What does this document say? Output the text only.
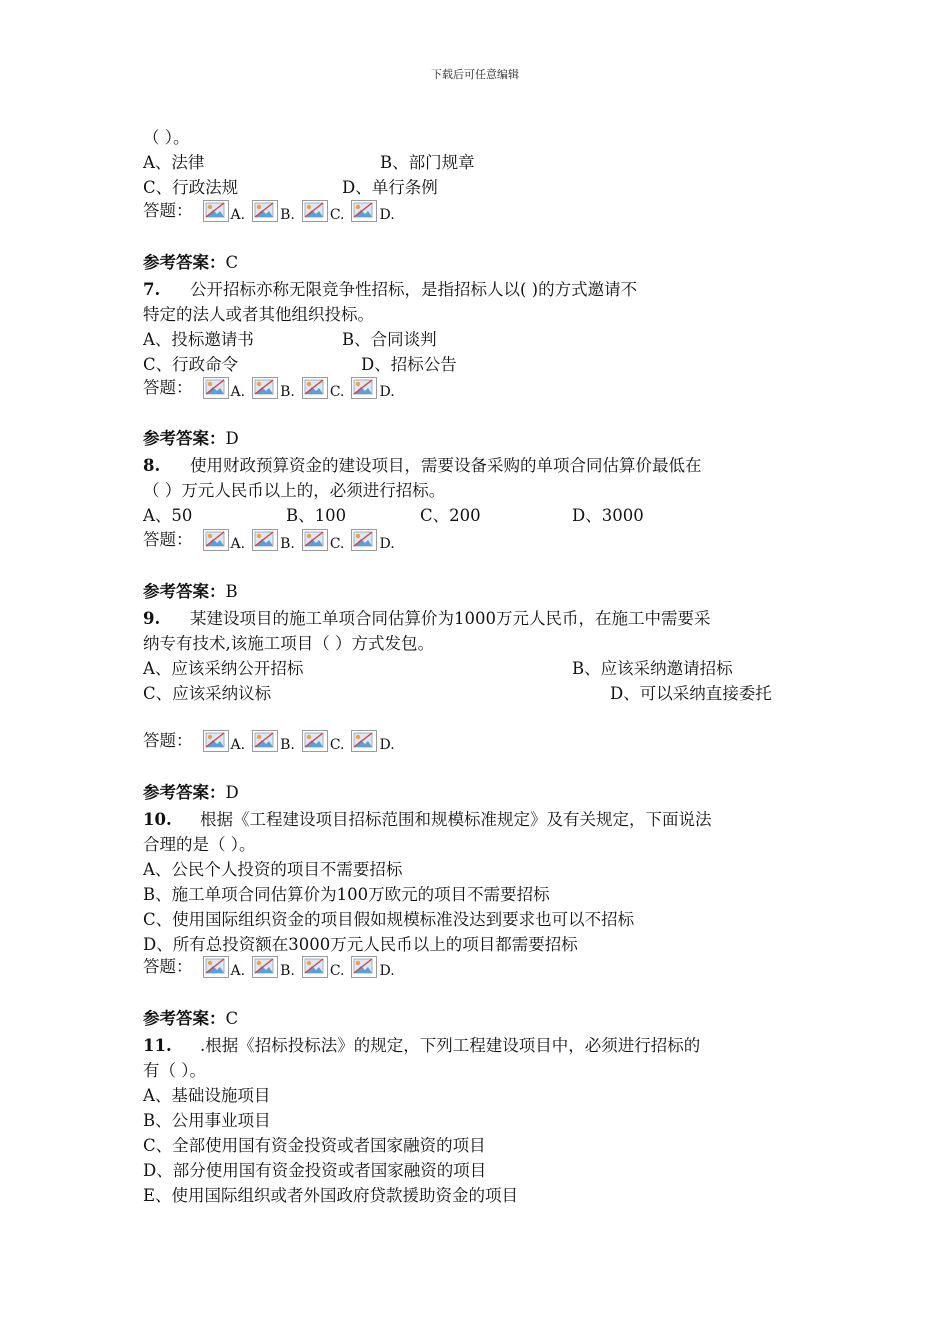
下载后可任意编辑
（ ）。
A、法律	B、部门规章
C、行政法规	D、单行条例
答题：	A.	B.	C.	D.
参考答案：C
7. 公开招标亦称无限竞争性招标，是指招标人以( )的方式邀请不
特定的法人或者其他组织投标。
A、投标邀请书	B、合同谈判
C、行政命令	D、招标公告
答题：	A.	B.	C.	D.
参考答案：D
8. 使用财政预算资金的建设项目，需要设备采购的单项合同估算价最低在
（ ）万元人民币以上的，必须进行招标。
A、50	B、100	C、200	D、3000
答题：	A.	B.	C.	D.
参考答案：B
9. 某建设项目的施工单项合同估算价为1000万元人民币，在施工中需要采
纳专有技术,该施工项目（ ）方式发包。
A、应该采纳公开招标	B、应该采纳邀请招标
C、应该采纳议标	D、可以采纳直接委托
答题：	A.	B.	C.	D.
参考答案：D
10. 根据《工程建设项目招标范围和规模标准规定》及有关规定，下面说法
合理的是（ ）。
A、公民个人投资的项目不需要招标
B、施工单项合同估算价为100万欧元的项目不需要招标
C、使用国际组织资金的项目假如规模标准没达到要求也可以不招标
D、所有总投资额在3000万元人民币以上的项目都需要招标
答题：	A.	B.	C.	D.
参考答案：C
11. .根据《招标投标法》的规定，下列工程建设项目中，必须进行招标的
有（ ）。
A、基础设施项目
B、公用事业项目
C、全部使用国有资金投资或者国家融资的项目
D、部分使用国有资金投资或者国家融资的项目
E、使用国际组织或者外国政府贷款援助资金的项目
